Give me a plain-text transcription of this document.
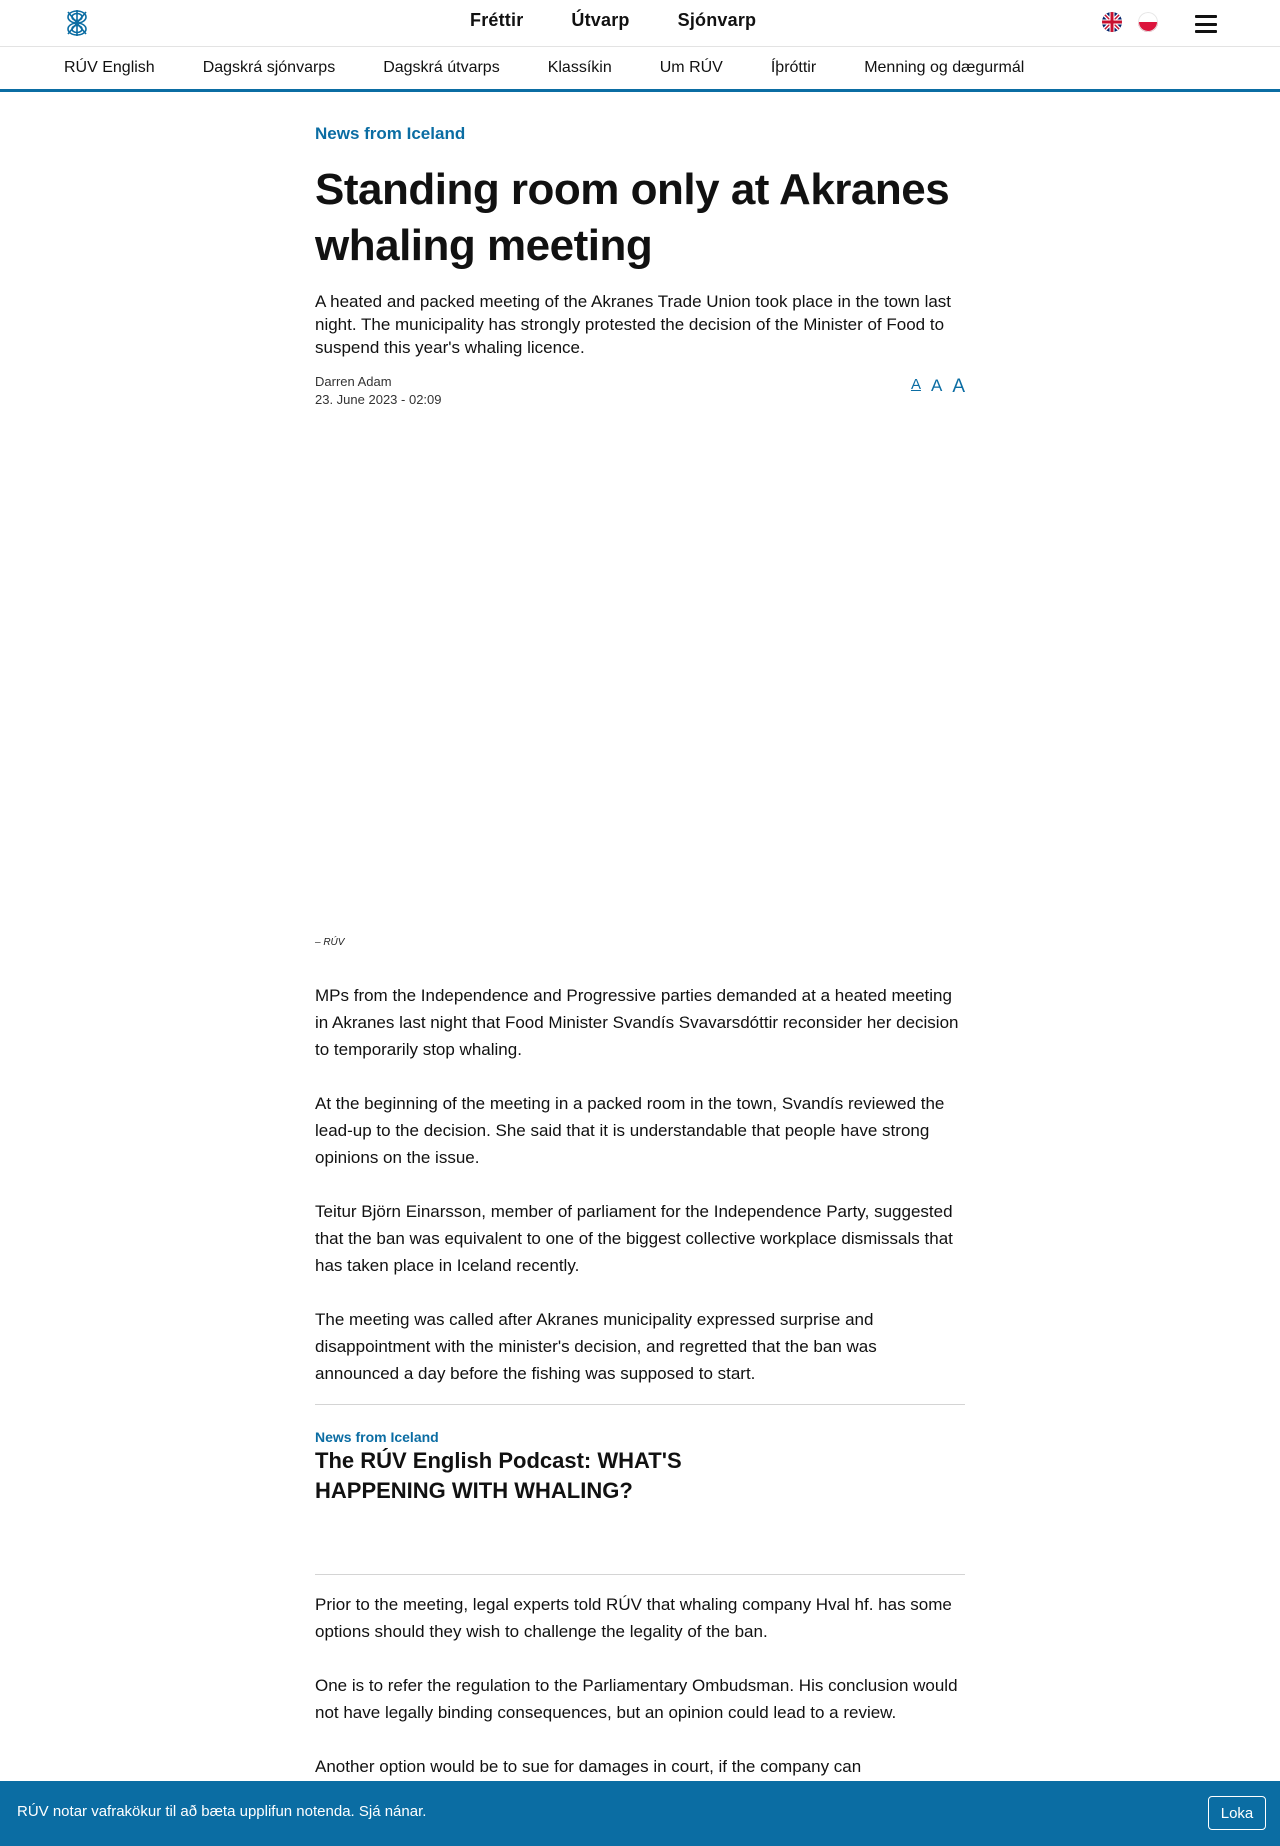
Fréttir	Útvarp	Sjónvarp
RÚV English	Dagskrá sjónvarps	Dagskrá útvarps	Klassíkin	Um RÚV	Íþróttir	Menning og dægurmál
News from Iceland
Standing room only at Akranes whaling meeting

A heated and packed meeting of the Akranes Trade Union took place in the town last night. The municipality has strongly protested the decision of the Minister of Food to suspend this year's whaling licence.

Darren Adam
23. June 2023 - 02:09
A A A
– RÚV

MPs from the Independence and Progressive parties demanded at a heated meeting in Akranes last night that Food Minister Svandís Svavarsdóttir reconsider her decision to temporarily stop whaling.

At the beginning of the meeting in a packed room in the town, Svandís reviewed the lead-up to the decision. She said that it is understandable that people have strong opinions on the issue.

Teitur Björn Einarsson, member of parliament for the Independence Party, suggested that the ban was equivalent to one of the biggest collective workplace dismissals that has taken place in Iceland recently.

The meeting was called after Akranes municipality expressed surprise and disappointment with the minister's decision, and regretted that the ban was announced a day before the fishing was supposed to start.

News from Iceland
The RÚV English Podcast: WHAT'S HAPPENING WITH WHALING?

Prior to the meeting, legal experts told RÚV that whaling company Hval hf. has some options should they wish to challenge the legality of the ban.

One is to refer the regulation to the Parliamentary Ombudsman. His conclusion would not have legally binding consequences, but an opinion could lead to a review.

Another option would be to sue for damages in court, if the company can

RÚV notar vafrakökur til að bæta upplifun notenda. Sjá nánar.	Loka
